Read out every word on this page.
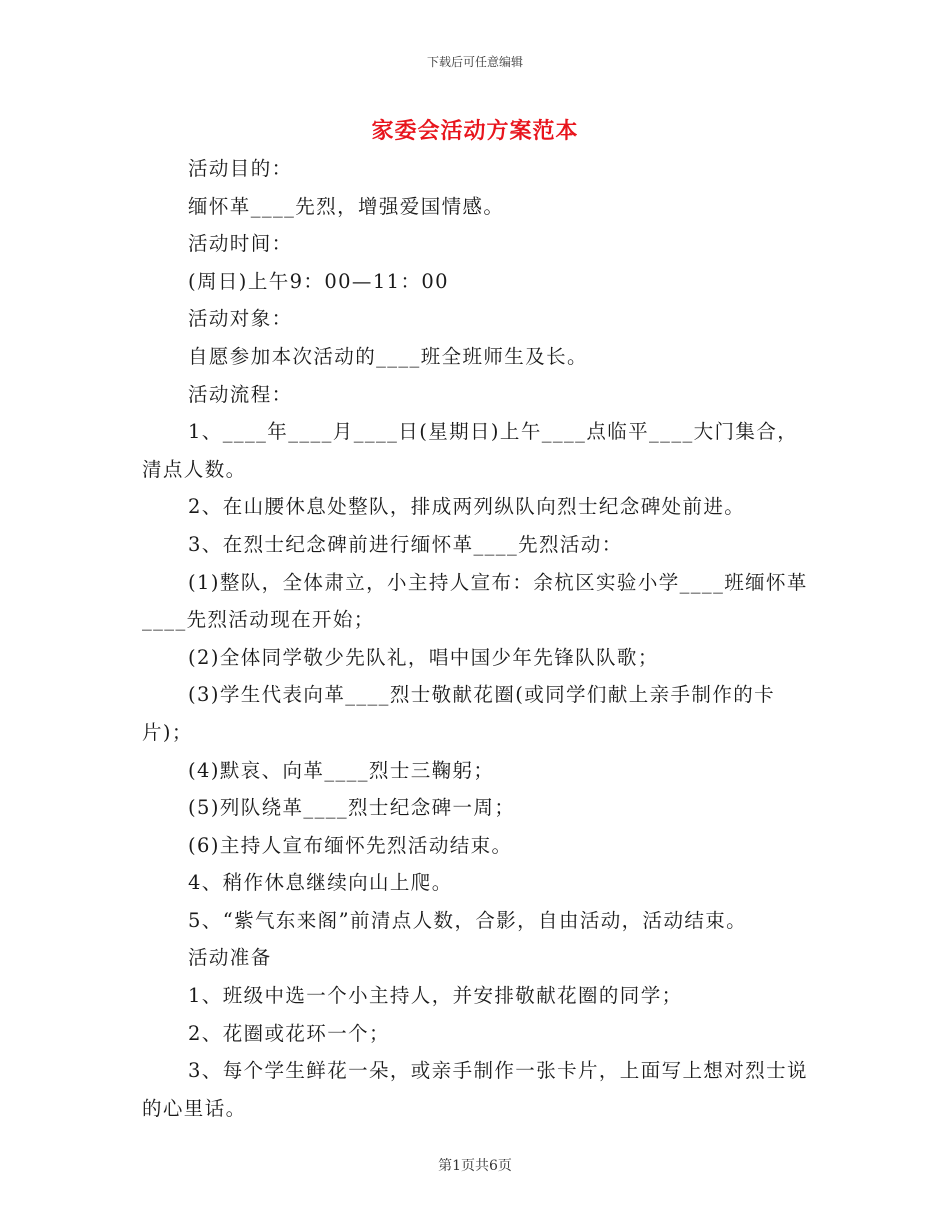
下载后可任意编辑
家委会活动方案范本

活动目的：

缅怀革____先烈，增强爱国情感。

活动时间：

(周日)上午9：00—11：00

活动对象：

自愿参加本次活动的____班全班师生及长。

活动流程：

1、____年____月____日(星期日)上午____点临平____大门集合，清点人数。

2、在山腰休息处整队，排成两列纵队向烈士纪念碑处前进。

3、在烈士纪念碑前进行缅怀革____先烈活动：

(1)整队，全体肃立，小主持人宣布：余杭区实验小学____班缅怀革____先烈活动现在开始；

(2)全体同学敬少先队礼，唱中国少年先锋队队歌；

(3)学生代表向革____烈士敬献花圈(或同学们献上亲手制作的卡片)；

(4)默哀、向革____烈士三鞠躬；

(5)列队绕革____烈士纪念碑一周；

(6)主持人宣布缅怀先烈活动结束。

4、稍作休息继续向山上爬。

5、“紫气东来阁”前清点人数，合影，自由活动，活动结束。

活动准备

1、班级中选一个小主持人，并安排敬献花圈的同学；

2、花圈或花环一个；

3、每个学生鲜花一朵，或亲手制作一张卡片，上面写上想对烈士说的心里话。

第1页共6页
